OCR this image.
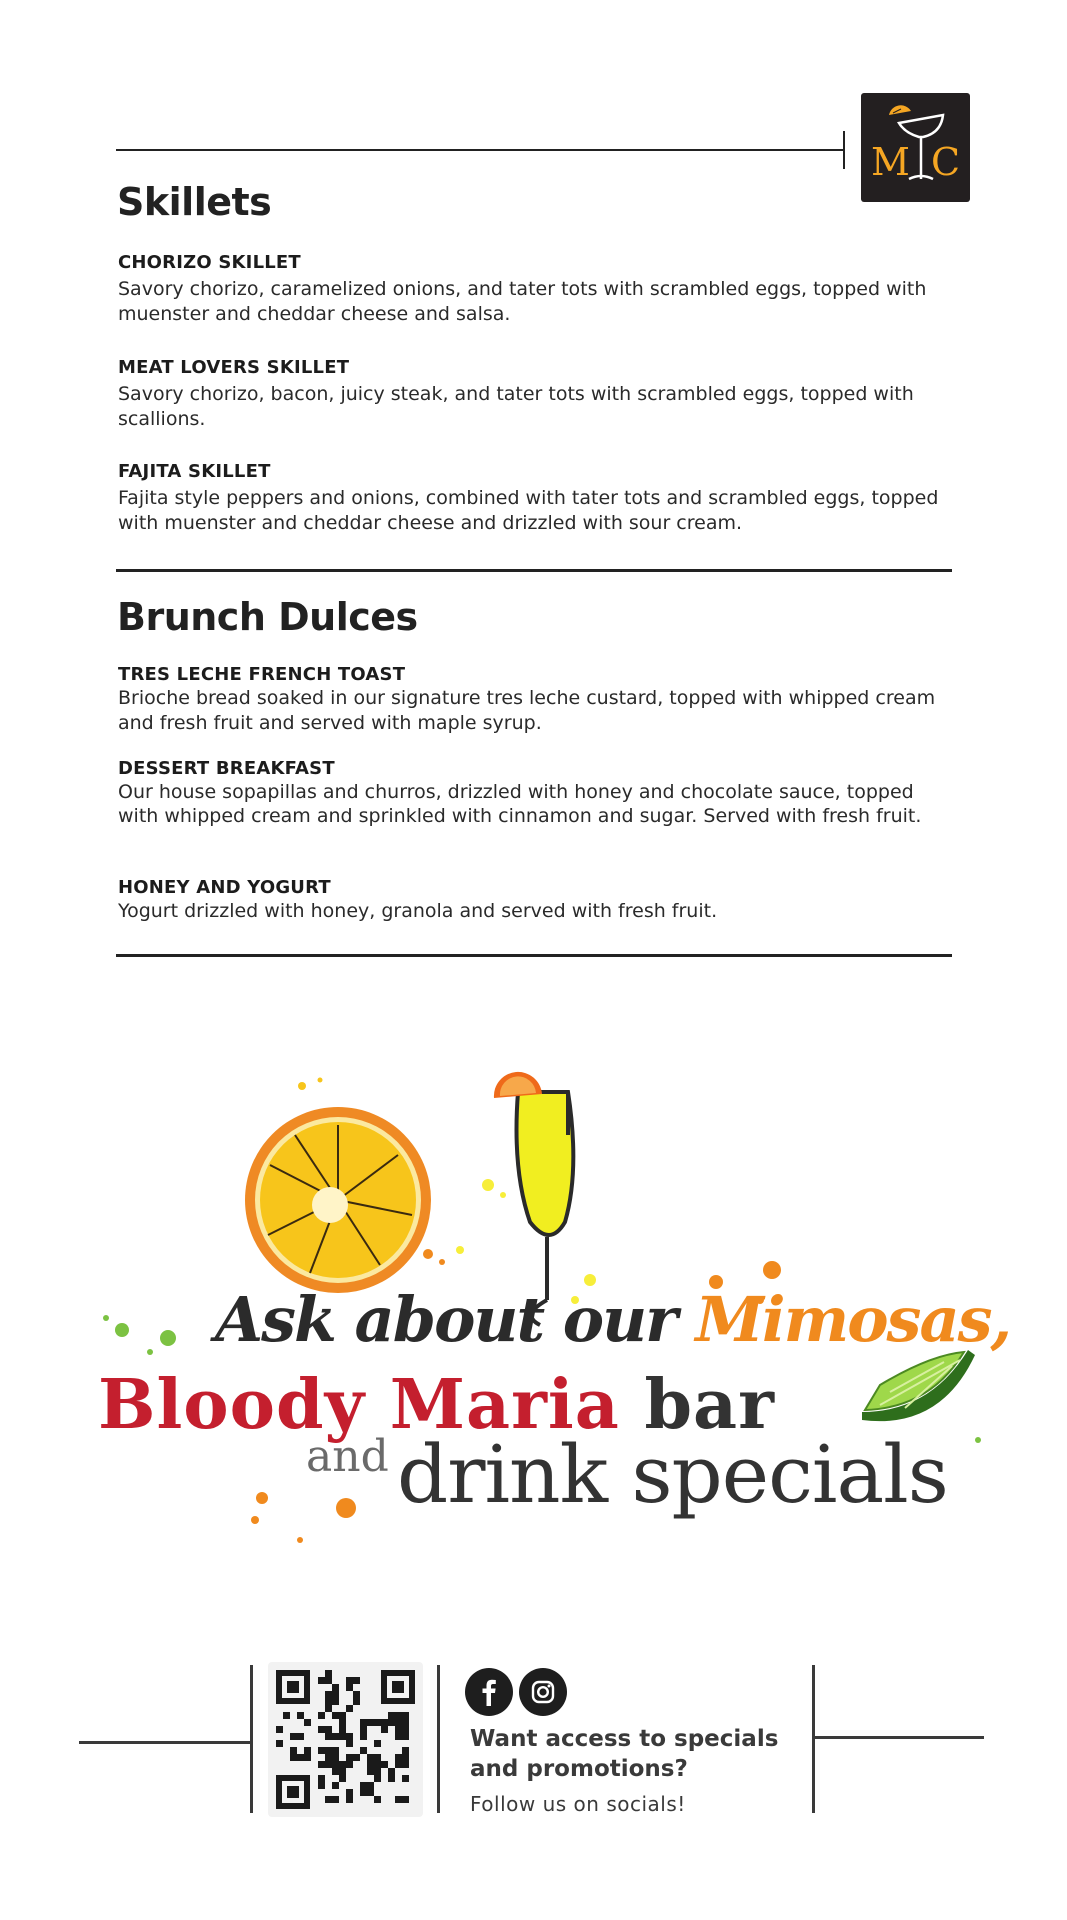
M C
Skillets
CHORIZO SKILLET
Savory chorizo, caramelized onions, and tater tots with scrambled eggs, topped with muenster and cheddar cheese and salsa.
MEAT LOVERS SKILLET
Savory chorizo, bacon, juicy steak, and tater tots with scrambled eggs, topped with scallions.
FAJITA SKILLET
Fajita style peppers and onions, combined with tater tots and scrambled eggs, topped with muenster and cheddar cheese and drizzled with sour cream.
Brunch Dulces
TRES LECHE FRENCH TOAST
Brioche bread soaked in our signature tres leche custard, topped with whipped cream and fresh fruit and served with maple syrup.
DESSERT BREAKFAST
Our house sopapillas and churros, drizzled with honey and chocolate sauce, topped with whipped cream and sprinkled with cinnamon and sugar. Served with fresh fruit.
HONEY AND YOGURT
Yogurt drizzled with honey, granola and served with fresh fruit.
Ask about our Mimosas,
Bloody Maria bar
and drink specials
Want access to specials and promotions?
Follow us on socials!
